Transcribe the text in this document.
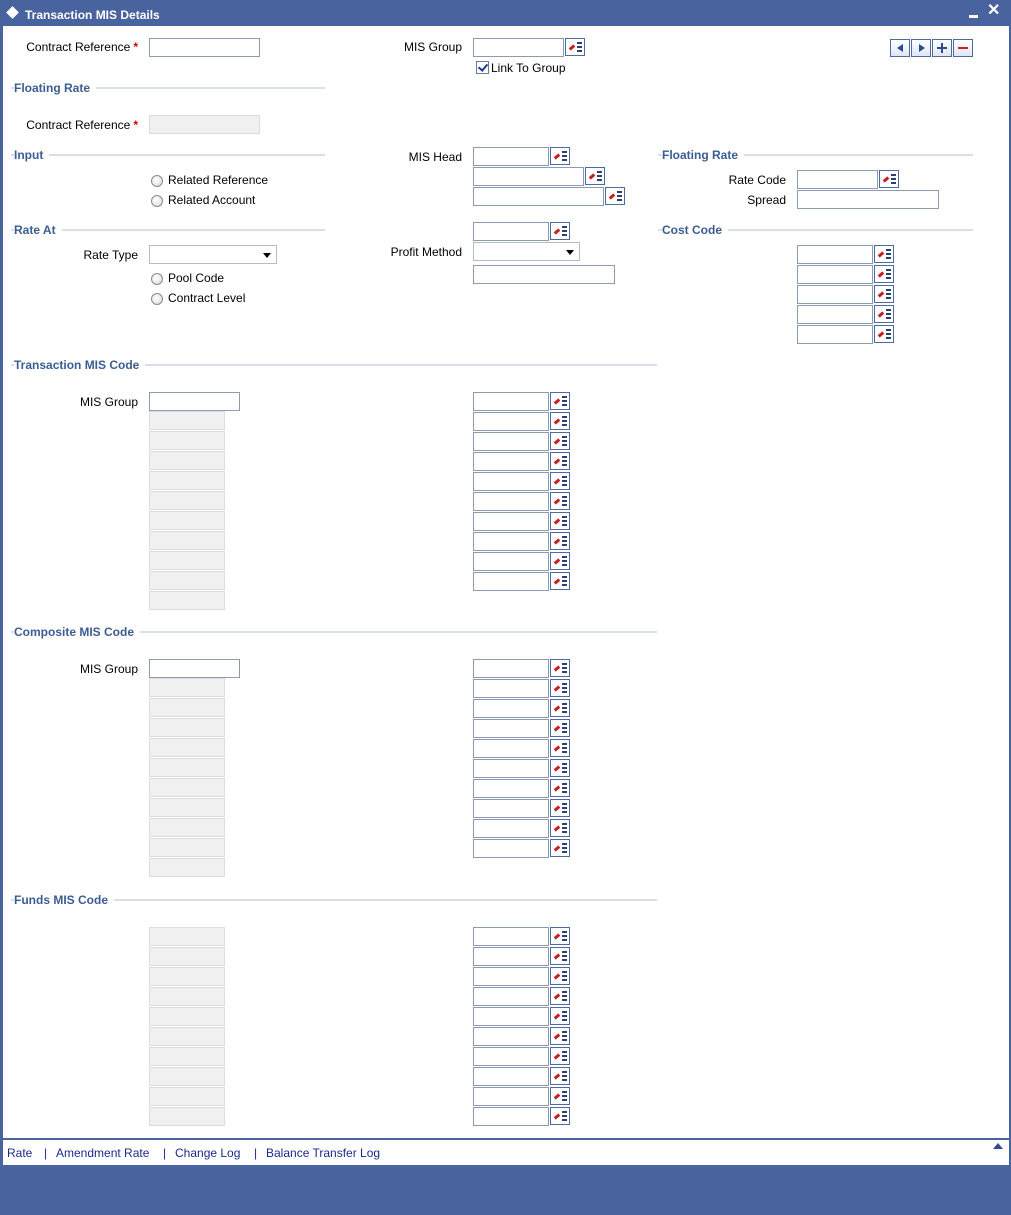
Transaction MIS Details	✕
Contract Reference *	MIS Group
Link To Group
Floating Rate
Contract Reference *
Input
Related Reference
Related Account
MIS Head	Floating Rate
Rate Code
Spread
Rate At
Rate Type
Pool Code
Contract Level
Profit Method
Cost Code
Transaction MIS Code
MIS Group
Composite MIS Code
MIS Group
Funds MIS Code
Rate | Amendment Rate | Change Log | Balance Transfer Log
